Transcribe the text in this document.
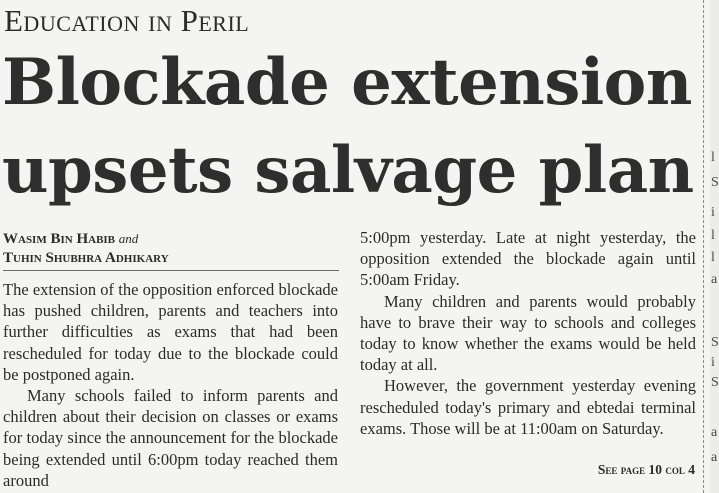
Education in Peril
Blockade extension
upsets salvage plan
Wasim Bin Habib and
Tuhin Shubhra Adhikary

The extension of the opposition enforced blockade has pushed children, parents and teachers into further difficulties as exams that had been rescheduled for today due to the blockade could be postponed again.

Many schools failed to inform parents and children about their decision on classes or exams for today since the announcement for the blockade being extended until 6:00pm today reached them around

5:00pm yesterday. Late at night yesterday, the opposition extended the blockade again until 5:00am Friday.

Many children and parents would probably have to brave their way to schools and colleges today to know whether the exams would be held today at all.

However, the government yesterday evening rescheduled today's primary and ebtedai terminal exams. Those will be at 11:00am on Saturday.

See page 10 col 4
l
S
i
l
l
a
S
i
S
a
a
